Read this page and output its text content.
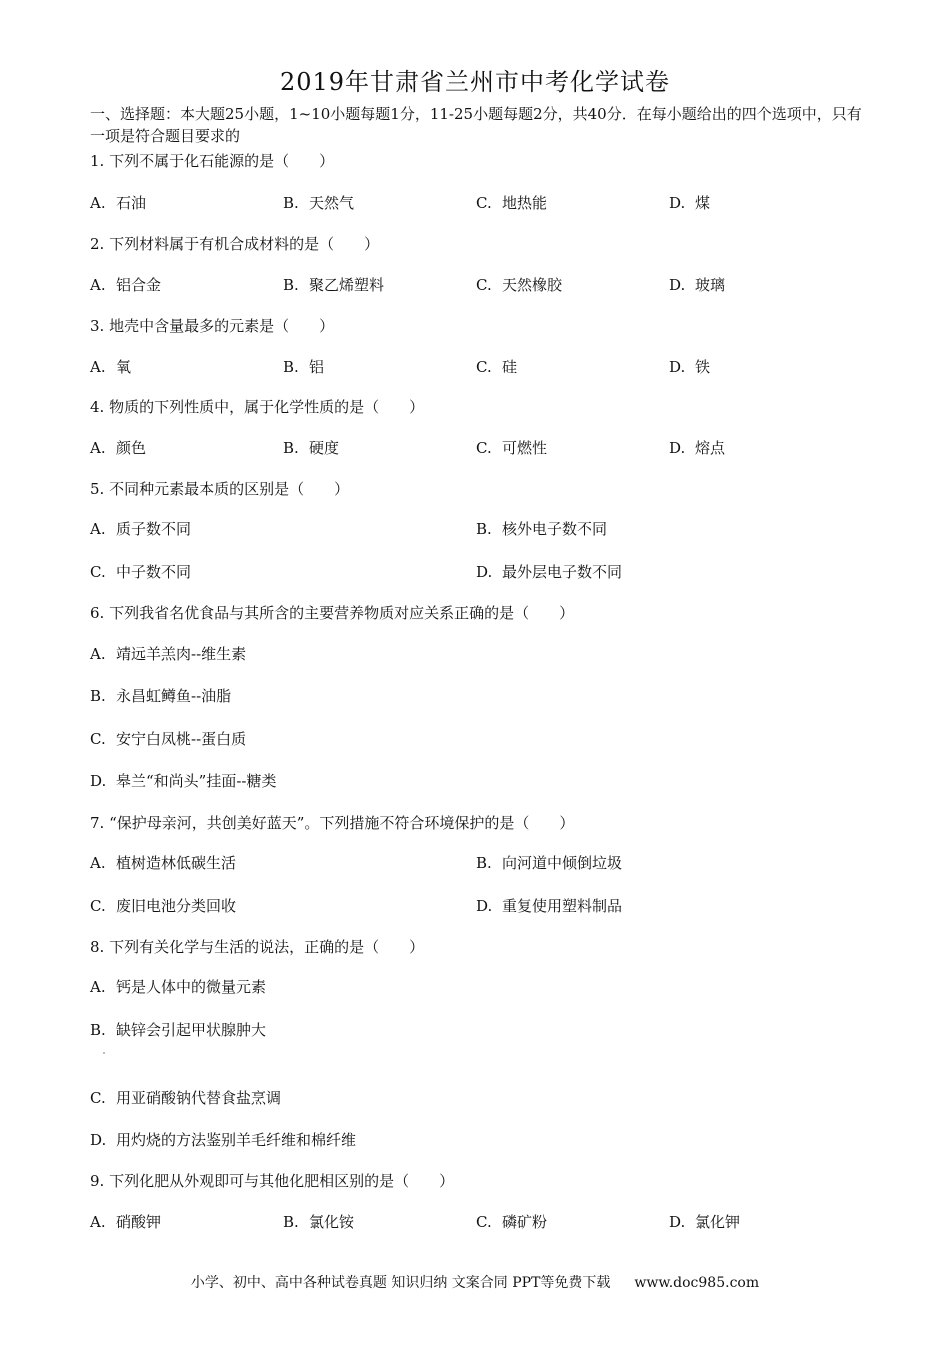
2019年甘肃省兰州市中考化学试卷
一、选择题：本大题25小题，1~10小题每题1分，11-25小题每题2分，共40分．在每小题给出的四个选项中，只有一项是符合题目要求的
1. 下列不属于化石能源的是（　　）
A. 石油	B. 天然气	C. 地热能	D. 煤
2. 下列材料属于有机合成材料的是（　　）
A. 铝合金	B. 聚乙烯塑料	C. 天然橡胶	D. 玻璃
3. 地壳中含量最多的元素是（　　）
A. 氧	B. 铝	C. 硅	D. 铁
4. 物质的下列性质中，属于化学性质的是（　　）
A. 颜色	B. 硬度	C. 可燃性	D. 熔点
5. 不同种元素最本质的区别是（　　）
A. 质子数不同	B. 核外电子数不同
C. 中子数不同	D. 最外层电子数不同
6. 下列我省名优食品与其所含的主要营养物质对应关系正确的是（　　）
A. 靖远羊羔肉--维生素
B. 永昌虹鳟鱼--油脂
C. 安宁白凤桃--蛋白质
D. 皋兰“和尚头”挂面--糖类
7. “保护母亲河，共创美好蓝天”。下列措施不符合环境保护的是（　　）
A. 植树造林低碳生活	B. 向河道中倾倒垃圾
C. 废旧电池分类回收	D. 重复使用塑料制品
8. 下列有关化学与生活的说法，正确的是（　　）
A. 钙是人体中的微量元素
B. 缺锌会引起甲状腺肿大
C. 用亚硝酸钠代替食盐烹调
D. 用灼烧的方法鉴别羊毛纤维和棉纤维
9. 下列化肥从外观即可与其他化肥相区别的是（　　）
A. 硝酸钾	B. 氯化铵	C. 磷矿粉	D. 氯化钾
小学、初中、高中各种试卷真题 知识归纳 文案合同 PPT等免费下载 www.doc985.com
